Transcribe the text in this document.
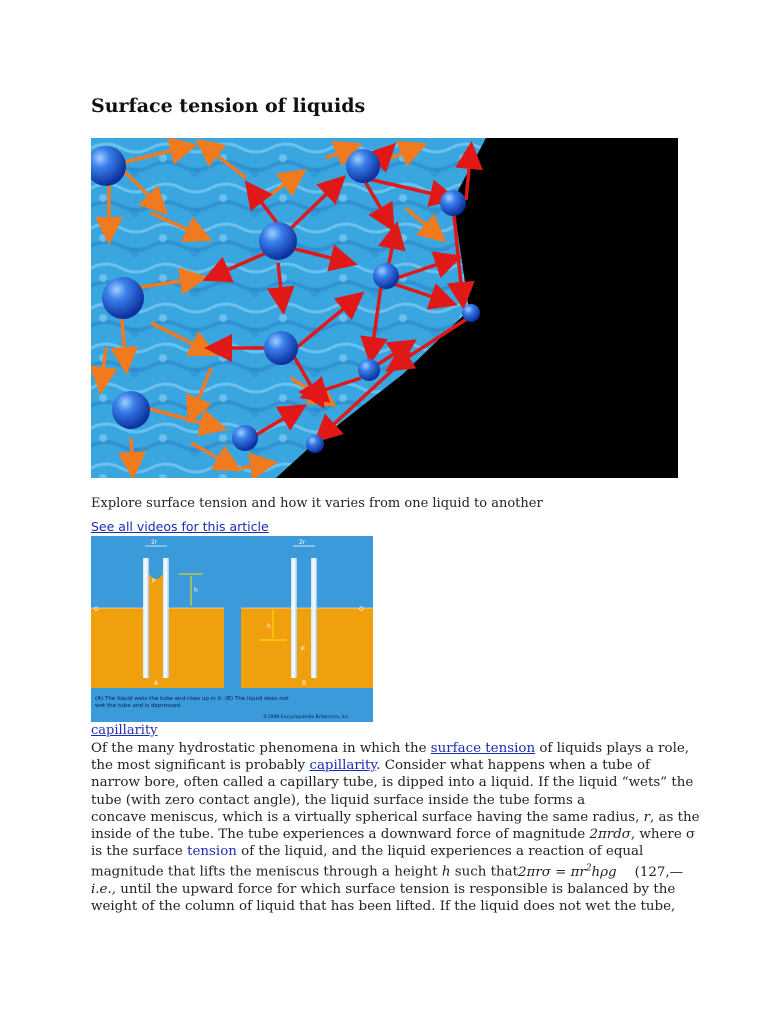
Surface tension of liquids

Explore surface tension and how it varies from one liquid to another

See all videos for this article
2r	2r
P
P
h
h
O	O
A	B
(A) The liquid wets the tube and rises up in it. (B) The liquid does not
wet the tube and is depressed.
©1998 Encyclopaedia Britannica, Inc.
capillarity
Of the many hydrostatic phenomena in which the surface tension of liquids plays a role,
the most significant is probably capillarity. Consider what happens when a tube of
narrow bore, often called a capillary tube, is dipped into a liquid. If the liquid “wets” the
tube (with zero contact angle), the liquid surface inside the tube forms a
concave meniscus, which is a virtually spherical surface having the same radius, r, as the
inside of the tube. The tube experiences a downward force of magnitude 2πrdσ, where σ
is the surface tension of the liquid, and the liquid experiences a reaction of equal
magnitude that lifts the meniscus through a height h such that2πrσ = $\pi r^2h\rho g$ (127,—
i.e., until the upward force for which surface tension is responsible is balanced by the
weight of the column of liquid that has been lifted. If the liquid does not wet the tube,
